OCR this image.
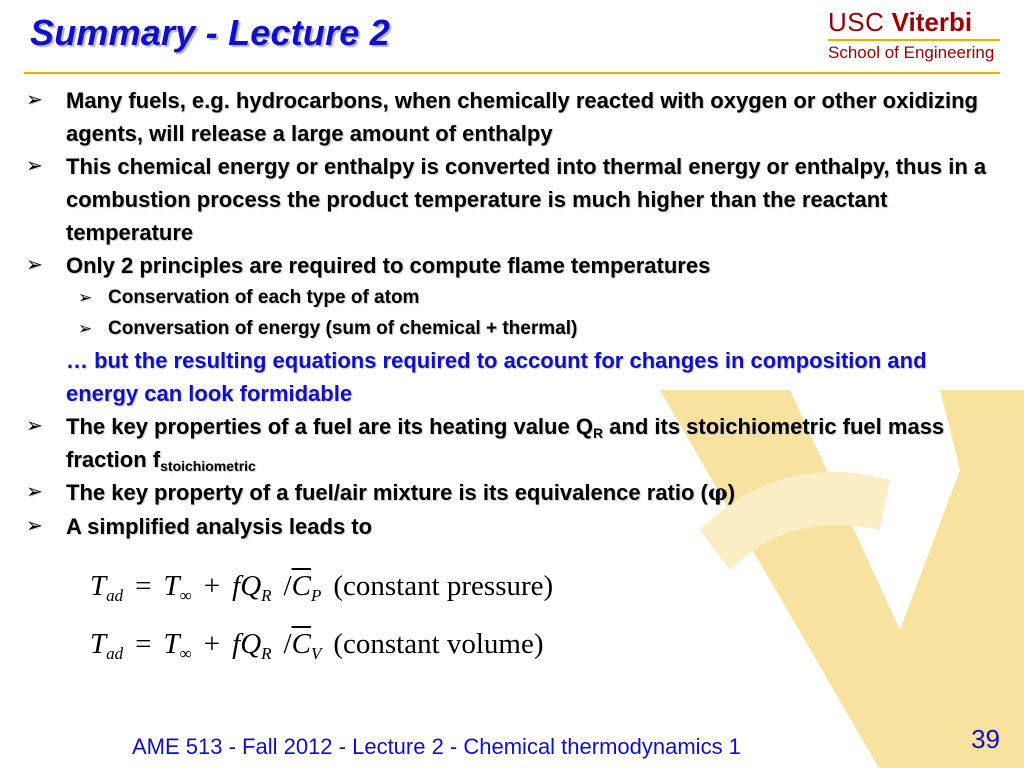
Summary - Lecture 2	USC Viterbi
School of Engineering
➢ Many fuels, e.g. hydrocarbons, when chemically reacted with oxygen or other oxidizing agents, will release a large amount of enthalpy
➢ This chemical energy or enthalpy is converted into thermal energy or enthalpy, thus in a combustion process the product temperature is much higher than the reactant temperature
➢ Only 2 principles are required to compute flame temperatures
➢ Conservation of each type of atom
➢ Conversation of energy (sum of chemical + thermal)
… but the resulting equations required to account for changes in composition and energy can look formidable
➢ The key properties of a fuel are its heating value $Q_R$ and its stoichiometric fuel mass fraction $f_{stoichiometric}$
➢ The key property of a fuel/air mixture is its equivalence ratio (φ)
➢ A simplified analysis leads to
$T_{ad} = T_\infty + fQ_R$ $/\overline{C}_P$ (constant pressure)
$T_{ad} = T_\infty + fQ_R$ $/\overline{C}_V$ (constant volume)
AME 513 - Fall 2012 - Lecture 2 - Chemical thermodynamics 1	39
